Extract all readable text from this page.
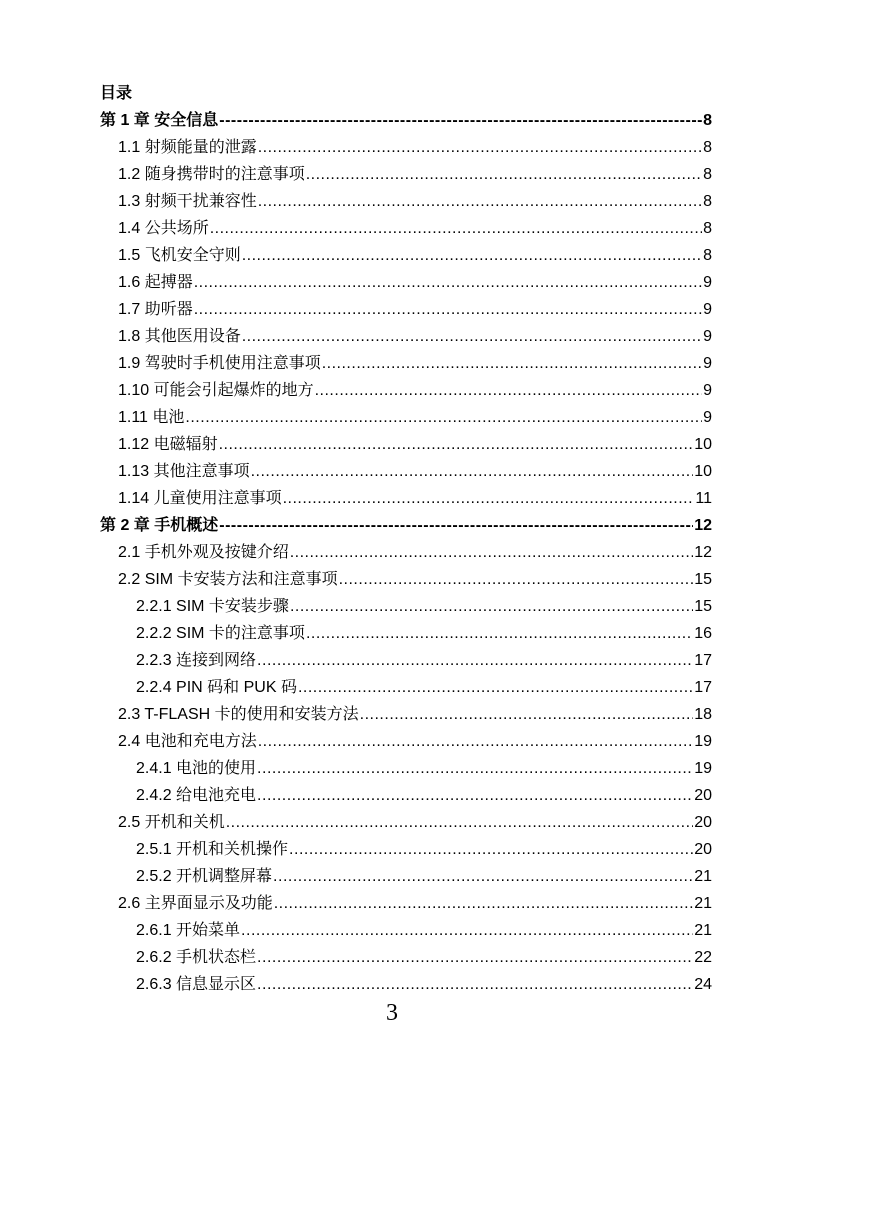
目录
第 1 章 安全信息 -----	8
1.1 射频能量的泄露 .....	8
1.2 随身携带时的注意事项 .....	8
1.3 射频干扰兼容性 .....	8
1.4 公共场所 .....	8
1.5 飞机安全守则 .....	8
1.6 起搏器 .....	9
1.7 助听器 .....	9
1.8 其他医用设备 .....	9
1.9 驾驶时手机使用注意事项 .....	9
1.10 可能会引起爆炸的地方 .....	9
1.11 电池 .....	9
1.12 电磁辐射 .....	10
1.13 其他注意事项 .....	10
1.14 儿童使用注意事项 .....	11
第 2 章 手机概述 -----	12
2.1 手机外观及按键介绍 .....	12
2.2 SIM 卡安装方法和注意事项 .....	15
2.2.1 SIM 卡安装步骤 .....	15
2.2.2 SIM 卡的注意事项 .....	16
2.2.3 连接到网络 .....	17
2.2.4 PIN 码和 PUK 码 .....	17
2.3 T-FLASH 卡的使用和安装方法 .....	18
2.4 电池和充电方法 .....	19
2.4.1 电池的使用 .....	19
2.4.2 给电池充电 .....	20
2.5 开机和关机 .....	20
2.5.1 开机和关机操作 .....	20
2.5.2 开机调整屏幕 .....	21
2.6 主界面显示及功能 .....	21
2.6.1 开始菜单 .....	21
2.6.2 手机状态栏 .....	22
2.6.3 信息显示区 .....	24
3
